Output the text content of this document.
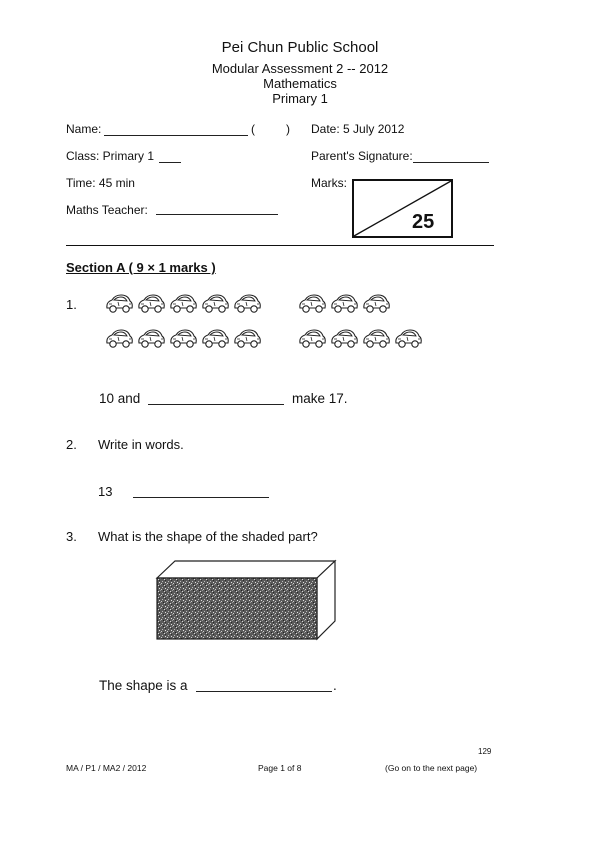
Pei Chun Public School
Modular Assessment 2 -- 2012
Mathematics
Primary 1
Name:	(	) Date: 5 July 2012
Class: Primary 1	Parent's Signature:
Time: 45 min	Marks:
Maths Teacher:
25
Section A ( 9 × 1 marks )
1.
10 and	make 17.
2. Write in words.
13
3. What is the shape of the shaded part?
The shape is a	.
129
MA / P1 / MA2 / 2012	Page 1 of 8	(Go on to the next page)
